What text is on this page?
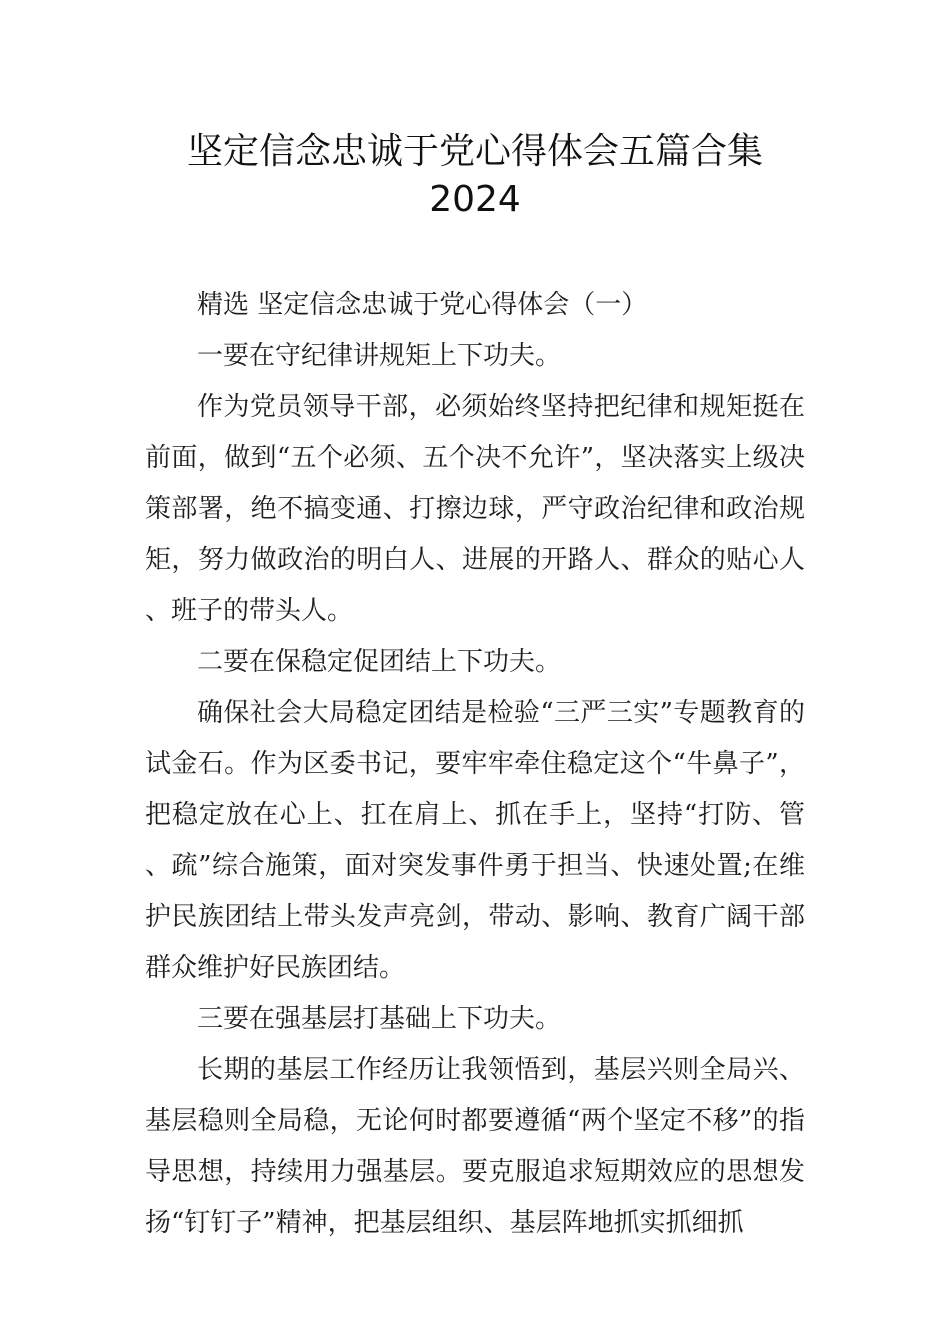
坚定信念忠诚于党心得体会五篇合集
2024

精选 坚定信念忠诚于党心得体会（一）

一要在守纪律讲规矩上下功夫。

作为党员领导干部，必须始终坚持把纪律和规矩挺在前面，做到“五个必须、五个决不允许”，坚决落实上级决策部署，绝不搞变通、打擦边球，严守政治纪律和政治规矩，努力做政治的明白人、进展的开路人、群众的贴心人、班子的带头人。

二要在保稳定促团结上下功夫。

确保社会大局稳定团结是检验“三严三实”专题教育的试金石。作为区委书记，要牢牢牵住稳定这个“牛鼻子”，把稳定放在心上、扛在肩上、抓在手上，坚持“打防、管、疏”综合施策，面对突发事件勇于担当、快速处置;在维护民族团结上带头发声亮剑，带动、影响、教育广阔干部群众维护好民族团结。

三要在强基层打基础上下功夫。

长期的基层工作经历让我领悟到，基层兴则全局兴、基层稳则全局稳，无论何时都要遵循“两个坚定不移”的指导思想，持续用力强基层。要克服追求短期效应的思想发扬“钉钉子”精神，把基层组织、基层阵地抓实抓细抓
